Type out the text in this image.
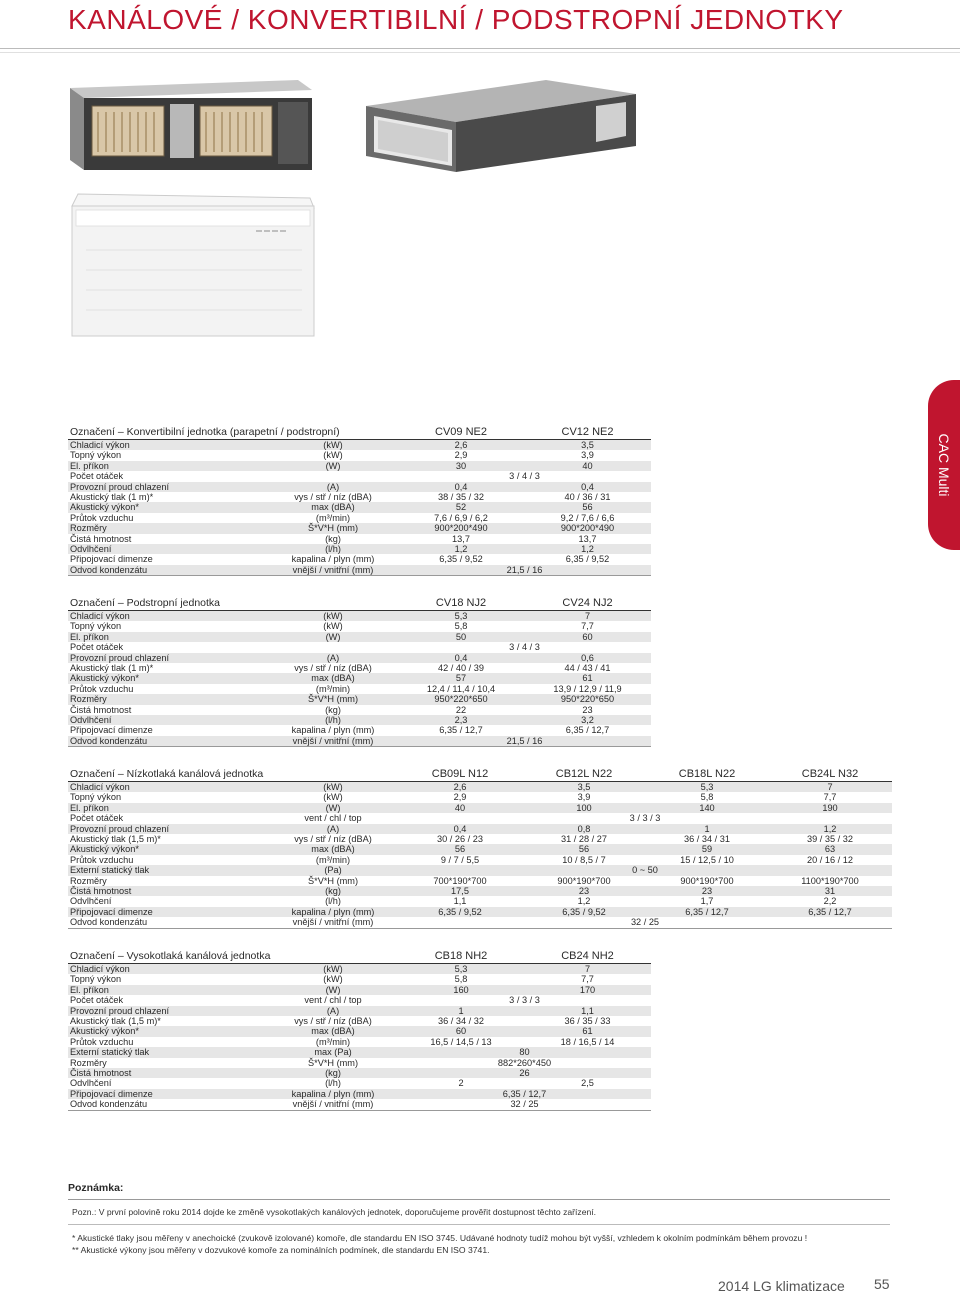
KANÁLOVÉ / KONVERTIBILNÍ / PODSTROPNÍ JEDNOTKY
CAC Multi
Označení – Konvertibilní jednotka (parapetní / podstropní)		CV09 NE2	CV12 NE2
Chladicí výkon	(kW)	2,6	3,5
Topný výkon	(kW)	2,9	3,9
El. příkon	(W)	30	40
Počet otáček		3 / 4 / 3	
Provozní proud chlazení	(A)	0,4	0,4
Akustický tlak (1 m)*	vys / stř / níz (dBA)	38 / 35 / 32	40 / 36 / 31
Akustický výkon*	max (dBA)	52	56
Průtok vzduchu	(m³/min)	7,6 / 6,9 / 6,2	9,2 / 7,6 / 6,6
Rozměry	Š*V*H (mm)	900*200*490	900*200*490
Čistá hmotnost	(kg)	13,7	13,7
Odvlhčení	(l/h)	1,2	1,2
Připojovací dimenze	kapalina / plyn (mm)	6,35 / 9,52	6,35 / 9,52
Odvod kondenzátu	vnější / vnitřní (mm)	21,5 / 16	
Označení – Podstropní jednotka		CV18 NJ2	CV24 NJ2
Chladicí výkon	(kW)	5,3	7
Topný výkon	(kW)	5,8	7,7
El. příkon	(W)	50	60
Počet otáček		3 / 4 / 3	
Provozní proud chlazení	(A)	0,4	0,6
Akustický tlak (1 m)*	vys / stř / níz (dBA)	42 / 40 / 39	44 / 43 / 41
Akustický výkon*	max (dBA)	57	61
Průtok vzduchu	(m³/min)	12,4 / 11,4 / 10,4	13,9 / 12,9 / 11,9
Rozměry	Š*V*H (mm)	950*220*650	950*220*650
Čistá hmotnost	(kg)	22	23
Odvlhčení	(l/h)	2,3	3,2
Připojovací dimenze	kapalina / plyn (mm)	6,35 / 12,7	6,35 / 12,7
Odvod kondenzátu	vnější / vnitřní (mm)	21,5 / 16	
Označení – Nízkotlaká kanálová jednotka		CB09L N12	CB12L N22	CB18L N22	CB24L N32
Chladicí výkon	(kW)	2,6	3,5	5,3	7
Topný výkon	(kW)	2,9	3,9	5,8	7,7
El. příkon	(W)	40	100	140	190
Počet otáček	vent / chl / top	3 / 3 / 3			
Provozní proud chlazení	(A)	0,4	0,8	1	1,2
Akustický tlak (1,5 m)*	vys / stř / níz (dBA)	30 / 26 / 23	31 / 28 / 27	36 / 34 / 31	39 / 35 / 32
Akustický výkon*	max (dBA)	56	56	59	63
Průtok vzduchu	(m³/min)	9 / 7 / 5,5	10 / 8,5 / 7	15 / 12,5 / 10	20 / 16 / 12
Externí statický tlak	(Pa)	0 ~ 50			
Rozměry	Š*V*H (mm)	700*190*700	900*190*700	900*190*700	1100*190*700
Čistá hmotnost	(kg)	17,5	23	23	31
Odvlhčení	(l/h)	1,1	1,2	1,7	2,2
Připojovací dimenze	kapalina / plyn (mm)	6,35 / 9,52	6,35 / 9,52	6,35 / 12,7	6,35 / 12,7
Odvod kondenzátu	vnější / vnitřní (mm)	32 / 25			
Označení – Vysokotlaká kanálová jednotka		CB18 NH2	CB24 NH2
Chladicí výkon	(kW)	5,3	7
Topný výkon	(kW)	5,8	7,7
El. příkon	(W)	160	170
Počet otáček	vent / chl / top	3 / 3 / 3	
Provozní proud chlazení	(A)	1	1,1
Akustický tlak (1,5 m)*	vys / stř / níz (dBA)	36 / 34 / 32	36 / 35 / 33
Akustický výkon*	max (dBA)	60	61
Průtok vzduchu	(m³/min)	16,5 / 14,5 / 13	18 / 16,5 / 14
Externí statický tlak	max (Pa)	80	
Rozměry	Š*V*H (mm)	882*260*450	
Čistá hmotnost	(kg)	26	
Odvlhčení	(l/h)	2	2,5
Připojovací dimenze	kapalina / plyn (mm)	6,35 / 12,7	
Odvod kondenzátu	vnější / vnitřní (mm)	32 / 25	
Poznámka:
Pozn.: V první polovině roku 2014 dojde ke změně vysokotlakých kanálových jednotek, doporučujeme prověřit dostupnost těchto zařízení.
* Akustické tlaky jsou měřeny v anechoické (zvukově izolované) komoře, dle standardu EN ISO 3745. Udávané hodnoty tudíž mohou být vyšší, vzhledem k okolním podmínkám během provozu !
** Akustické výkony jsou měřeny v dozvukové komoře za nominálních podmínek, dle standardu EN ISO 3741.
2014 LG klimatizace 55
